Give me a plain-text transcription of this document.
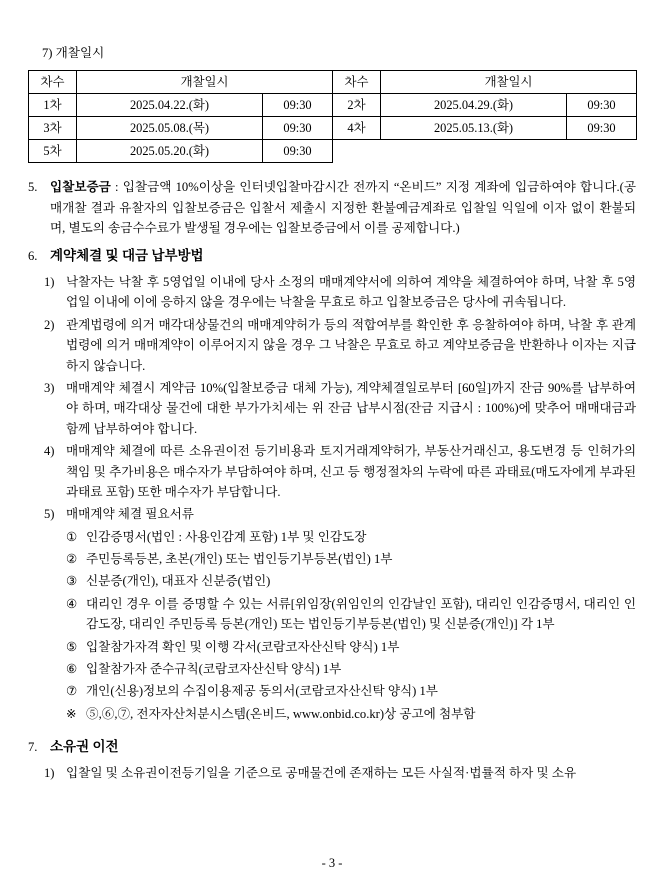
7) 개찰일시
차수	개찰일시		차수	개찰일시	
1차	2025.04.22.(화)	09:30	2차	2025.04.29.(화)	09:30
3차	2025.05.08.(목)	09:30	4차	2025.05.13.(화)	09:30
5차	2025.05.20.(화)	09:30			
5. 입찰보증금 : 입찰금액 10%이상을 인터넷입찰마감시간 전까지 “온비드” 지정 계좌에 입금하여야 합니다.(공매개찰 결과 유찰자의 입찰보증금은 입찰서 제출시 지정한 환불예금계좌로 입찰일 익일에 이자 없이 환불되며, 별도의 송금수수료가 발생될 경우에는 입찰보증금에서 이를 공제합니다.)
6. 계약체결 및 대금 납부방법
1) 낙찰자는 낙찰 후 5영업일 이내에 당사 소정의 매매계약서에 의하여 계약을 체결하여야 하며, 낙찰 후 5영업일 이내에 이에 응하지 않을 경우에는 낙찰을 무효로 하고 입찰보증금은 당사에 귀속됩니다.
2) 관계법령에 의거 매각대상물건의 매매계약허가 등의 적합여부를 확인한 후 응찰하여야 하며, 낙찰 후 관계법령에 의거 매매계약이 이루어지지 않을 경우 그 낙찰은 무효로 하고 계약보증금을 반환하나 이자는 지급하지 않습니다.
3) 매매계약 체결시 계약금 10%(입찰보증금 대체 가능), 계약체결일로부터 [60일]까지 잔금 90%를 납부하여야 하며, 매각대상 물건에 대한 부가가치세는 위 잔금 납부시점(잔금 지급시 : 100%)에 맞추어 매매대금과 함께 납부하여야 합니다.
4) 매매계약 체결에 따른 소유권이전 등기비용과 토지거래계약허가, 부동산거래신고, 용도변경 등 인허가의 책임 및 추가비용은 매수자가 부담하여야 하며, 신고 등 행정절차의 누락에 따른 과태료(매도자에게 부과된 과태료 포함) 또한 매수자가 부담합니다.
5) 매매계약 체결 필요서류
① 인감증명서(법인 : 사용인감계 포함) 1부 및 인감도장
② 주민등록등본, 초본(개인) 또는 법인등기부등본(법인) 1부
③ 신분증(개인), 대표자 신분증(법인)
④ 대리인 경우 이를 증명할 수 있는 서류[위임장(위임인의 인감날인 포함), 대리인 인감증명서, 대리인 인감도장, 대리인 주민등록 등본(개인) 또는 법인등기부등본(법인) 및 신분증(개인)] 각 1부
⑤ 입찰참가자격 확인 및 이행 각서(코람코자산신탁 양식) 1부
⑥ 입찰참가자 준수규칙(코람코자산신탁 양식) 1부
⑦ 개인(신용)정보의 수집이용제공 동의서(코람코자산신탁 양식) 1부
※ ⑤,⑥,⑦, 전자자산처분시스템(온비드, www.onbid.co.kr)상 공고에 첨부함
7. 소유권 이전
1) 입찰일 및 소유권이전등기일을 기준으로 공매물건에 존재하는 모든 사실적·법률적 하자 및 소유
- 3 -
